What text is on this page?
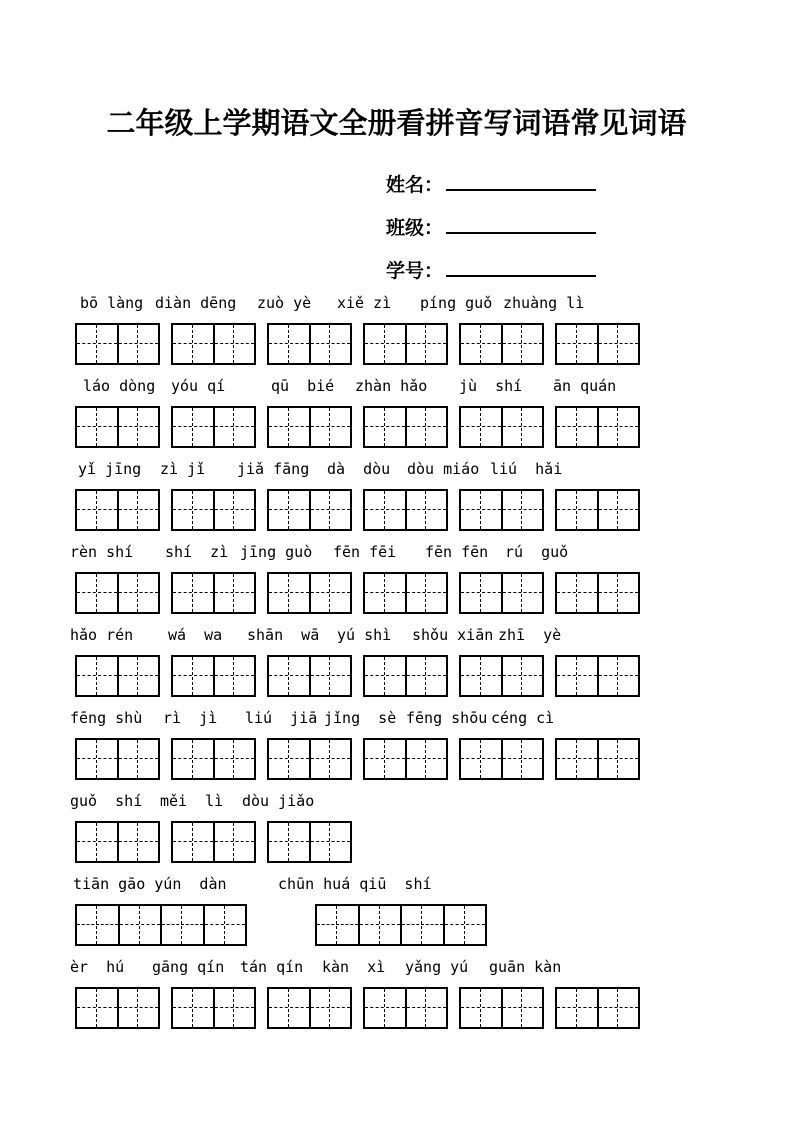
二年级上学期语文全册看拼音写词语常见词语
姓名：
班级：
学号：
bō làng diàn dēng zuò yè xiě zì píng guǒ zhuàng lì
láo dòng yóu qí	qū  bié zhàn hǎo jù  shí ān quán
yǐ jīng zì jǐ jiǎ fāng dà  dòu dòu miáo liú  hǎi
rèn shí shí  zì jīng guò fēn fēi fēn fēn rú  guǒ
hǎo rén wá  wa shān  wā yú shì shǒu xiān zhī  yè
fēng shù rì  jì liú  jiā jǐng  sè fēng shōu céng cì
guǒ  shí měi  lì dòu jiǎo
tiān gāo yún  dàn	chūn huá qiū  shí
èr  hú gāng qín tán qín kàn  xì yǎng yú guān kàn
